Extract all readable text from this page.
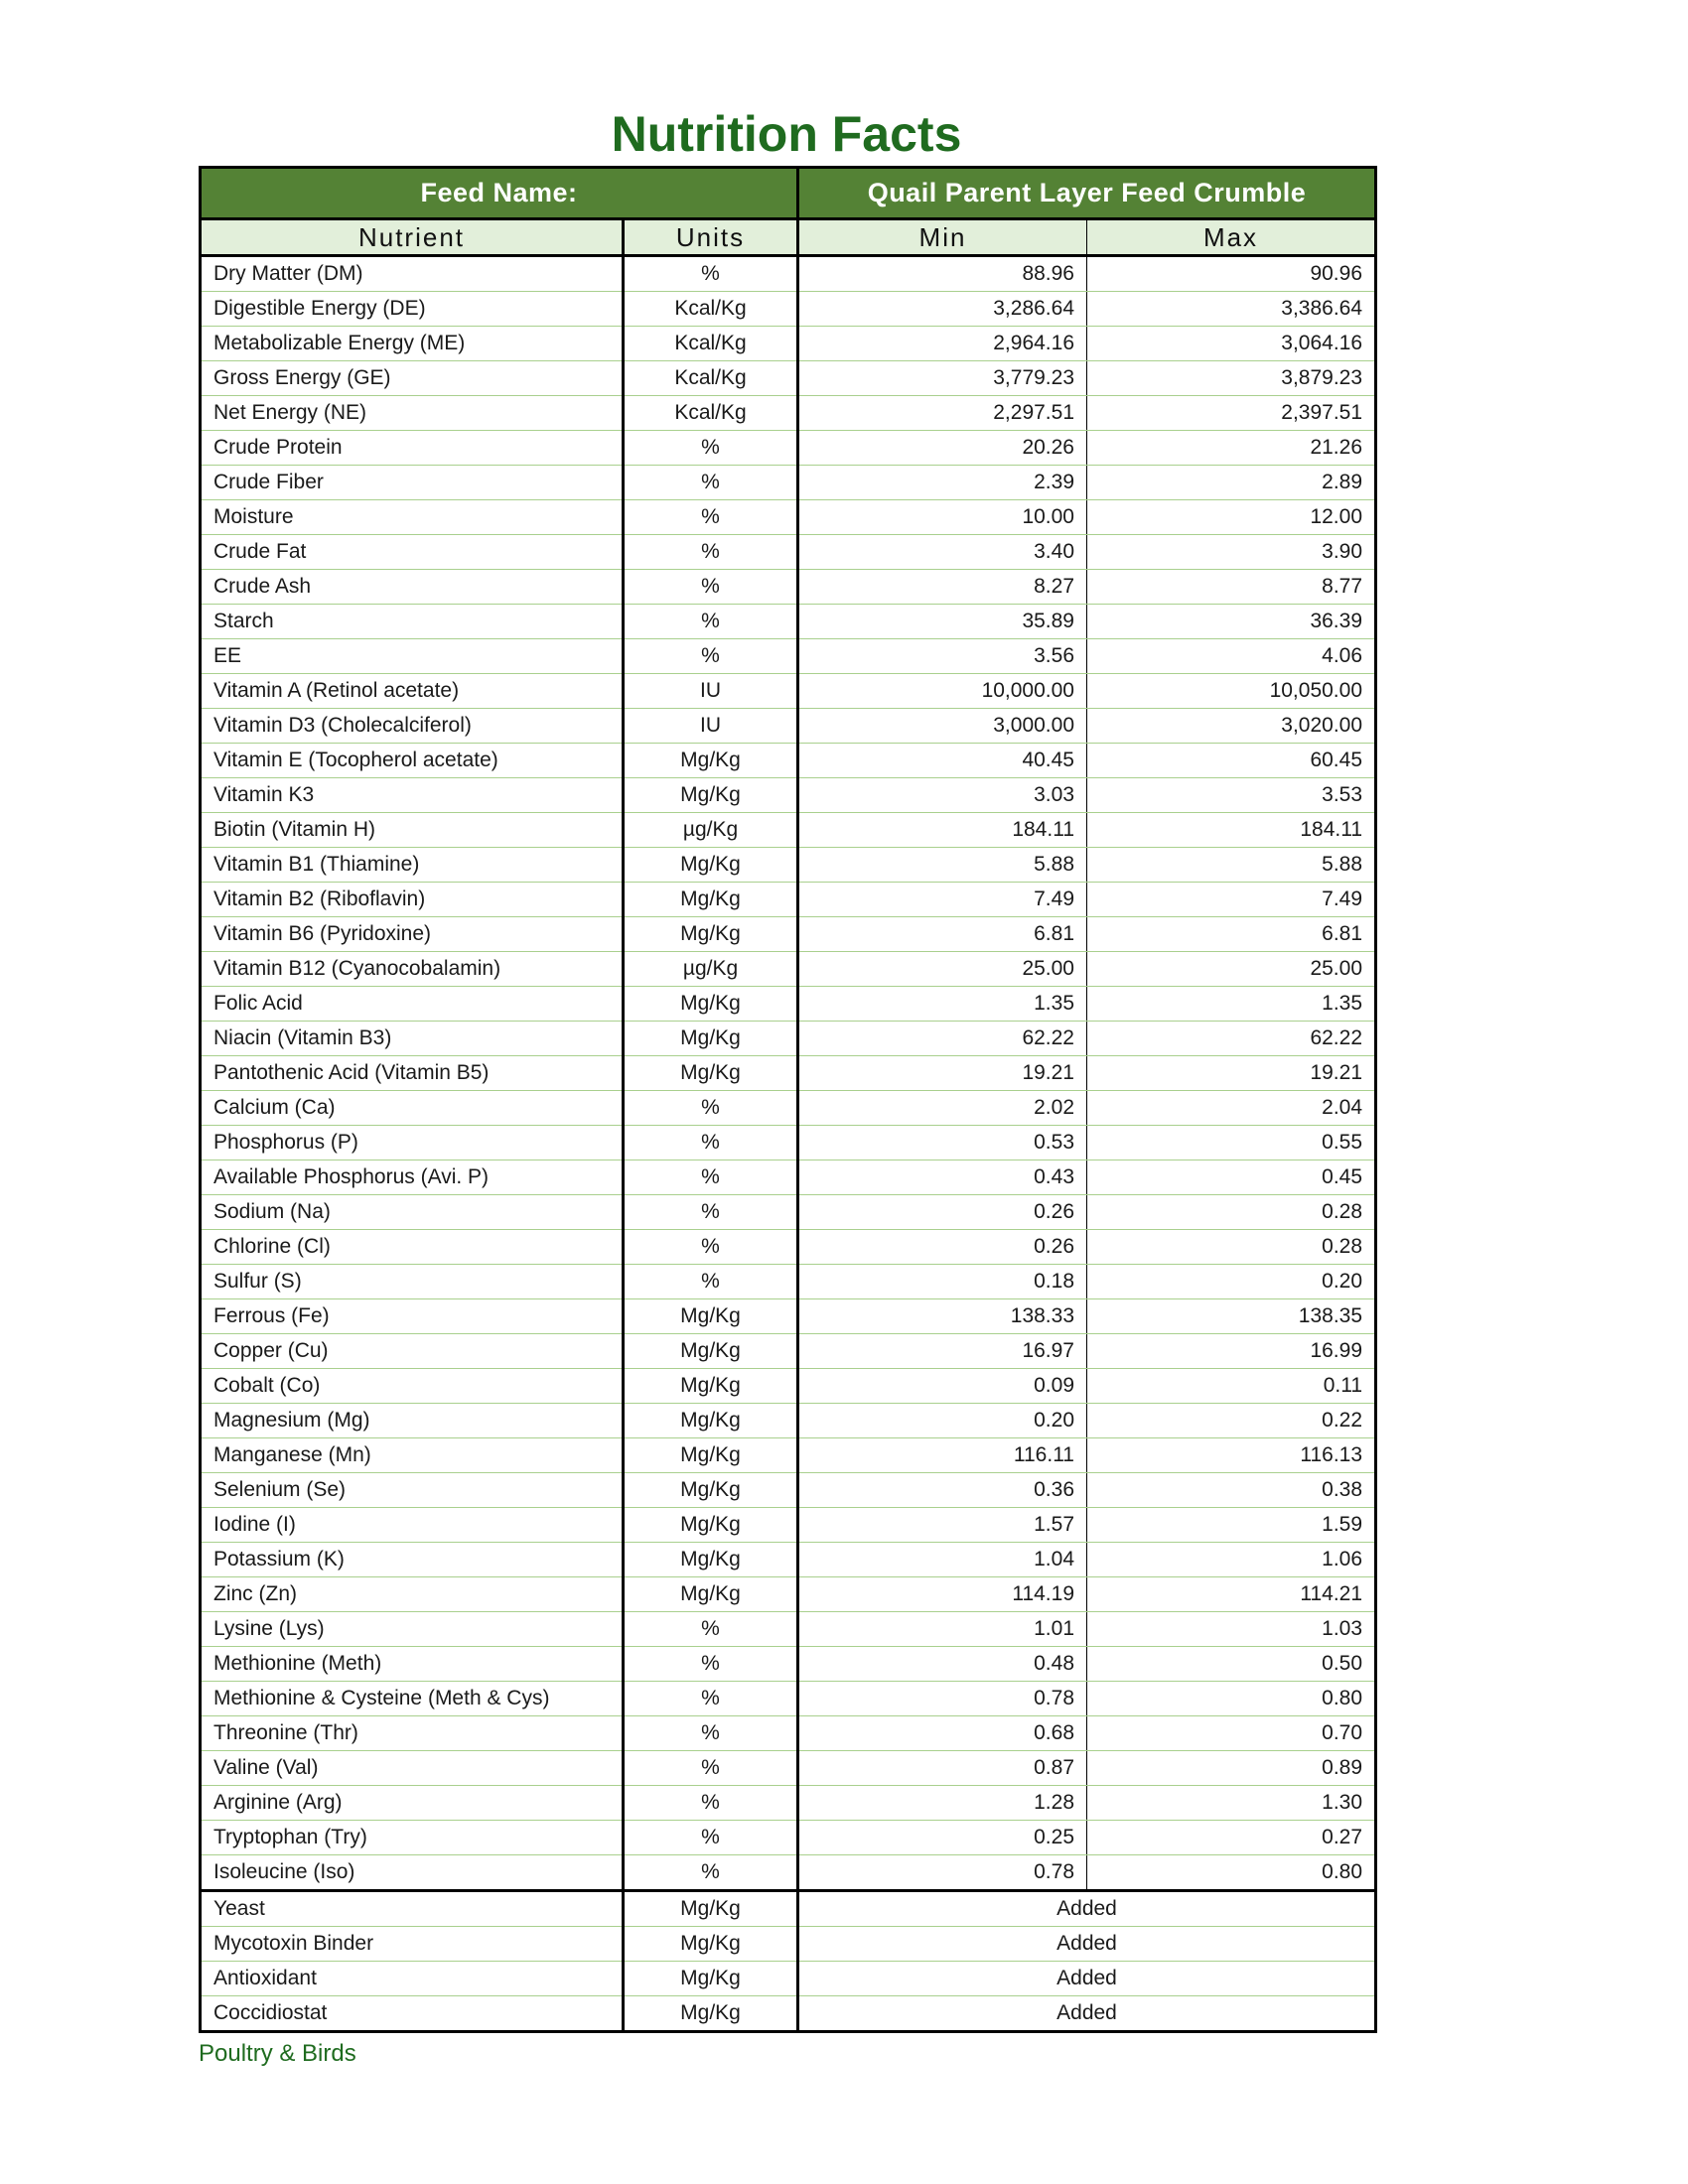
Nutrition Facts
Feed Name:		Quail Parent Layer Feed Crumble	
Nutrient	Units	Min	Max
Dry Matter (DM)	%	88.96	90.96
Digestible Energy (DE)	Kcal/Kg	3,286.64	3,386.64
Metabolizable Energy (ME)	Kcal/Kg	2,964.16	3,064.16
Gross Energy (GE)	Kcal/Kg	3,779.23	3,879.23
Net Energy (NE)	Kcal/Kg	2,297.51	2,397.51
Crude Protein	%	20.26	21.26
Crude Fiber	%	2.39	2.89
Moisture	%	10.00	12.00
Crude Fat	%	3.40	3.90
Crude Ash	%	8.27	8.77
Starch	%	35.89	36.39
EE	%	3.56	4.06
Vitamin A (Retinol acetate)	IU	10,000.00	10,050.00
Vitamin D3 (Cholecalciferol)	IU	3,000.00	3,020.00
Vitamin E (Tocopherol acetate)	Mg/Kg	40.45	60.45
Vitamin K3	Mg/Kg	3.03	3.53
Biotin (Vitamin H)	µg/Kg	184.11	184.11
Vitamin B1 (Thiamine)	Mg/Kg	5.88	5.88
Vitamin B2 (Riboflavin)	Mg/Kg	7.49	7.49
Vitamin B6 (Pyridoxine)	Mg/Kg	6.81	6.81
Vitamin B12 (Cyanocobalamin)	µg/Kg	25.00	25.00
Folic Acid	Mg/Kg	1.35	1.35
Niacin (Vitamin B3)	Mg/Kg	62.22	62.22
Pantothenic Acid (Vitamin B5)	Mg/Kg	19.21	19.21
Calcium (Ca)	%	2.02	2.04
Phosphorus (P)	%	0.53	0.55
Available Phosphorus (Avi. P)	%	0.43	0.45
Sodium (Na)	%	0.26	0.28
Chlorine (Cl)	%	0.26	0.28
Sulfur (S)	%	0.18	0.20
Ferrous (Fe)	Mg/Kg	138.33	138.35
Copper (Cu)	Mg/Kg	16.97	16.99
Cobalt (Co)	Mg/Kg	0.09	0.11
Magnesium (Mg)	Mg/Kg	0.20	0.22
Manganese (Mn)	Mg/Kg	116.11	116.13
Selenium (Se)	Mg/Kg	0.36	0.38
Iodine (I)	Mg/Kg	1.57	1.59
Potassium (K)	Mg/Kg	1.04	1.06
Zinc (Zn)	Mg/Kg	114.19	114.21
Lysine (Lys)	%	1.01	1.03
Methionine (Meth)	%	0.48	0.50
Methionine & Cysteine (Meth & Cys)	%	0.78	0.80
Threonine (Thr)	%	0.68	0.70
Valine (Val)	%	0.87	0.89
Arginine (Arg)	%	1.28	1.30
Tryptophan (Try)	%	0.25	0.27
Isoleucine (Iso)	%	0.78	0.80
Yeast	Mg/Kg	Added	
Mycotoxin Binder	Mg/Kg	Added	
Antioxidant	Mg/Kg	Added	
Coccidiostat	Mg/Kg	Added	
Poultry & Birds
